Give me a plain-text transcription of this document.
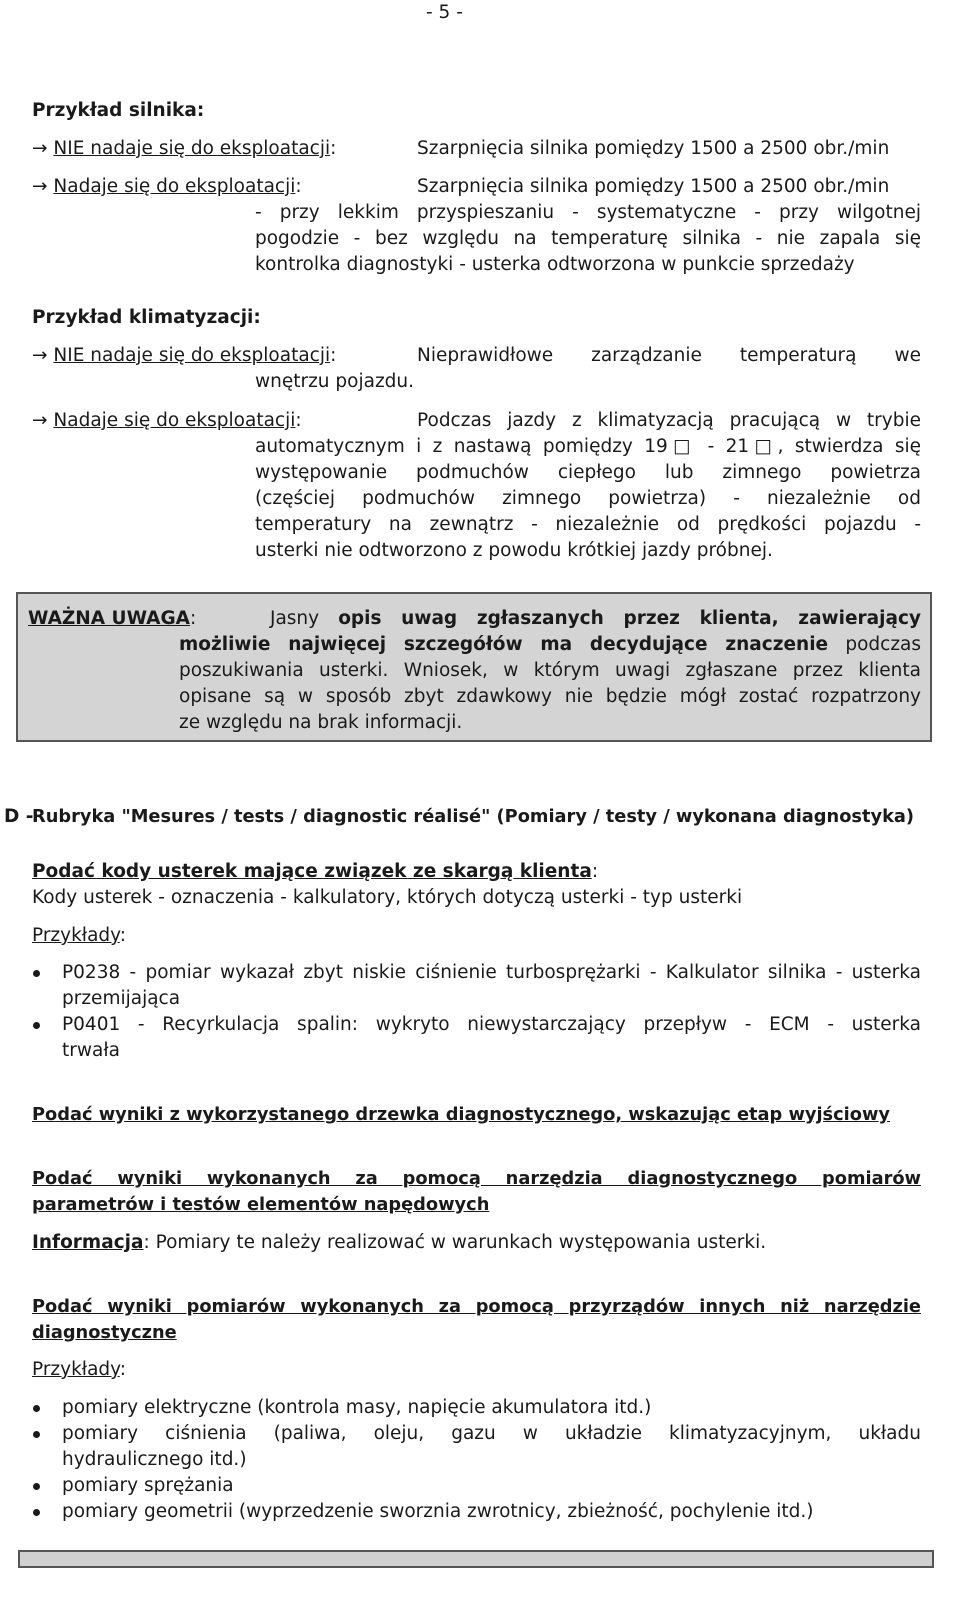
- 5 -
Przykład silnika:
→ NIE nadaje się do eksploatacji:	Szarpnięcia silnika pomiędzy 1500 a 2500 obr./min
→ Nadaje się do eksploatacji:	Szarpnięcia silnika pomiędzy 1500 a 2500 obr./min
- przy lekkim przyspieszaniu - systematyczne - przy wilgotnej
pogodzie - bez względu na temperaturę silnika - nie zapala się
kontrolka diagnostyki - usterka odtworzona w punkcie sprzedaży
Przykład klimatyzacji:
→ NIE nadaje się do eksploatacji:	Nieprawidłowe zarządzanie temperaturą we
wnętrzu pojazdu.
→ Nadaje się do eksploatacji:	Podczas jazdy z klimatyzacją pracującą w trybie
automatycznym i z nastawą pomiędzy 19□ - 21□, stwierdza się
występowanie podmuchów ciepłego lub zimnego powietrza
(częściej podmuchów zimnego powietrza) - niezależnie od
temperatury na zewnątrz - niezależnie od prędkości pojazdu -
usterki nie odtworzono z powodu krótkiej jazdy próbnej.
WAŻNA UWAGA:	Jasny opis uwag zgłaszanych przez klienta, zawierający
możliwie najwięcej szczegółów ma decydujące znaczenie podczas
poszukiwania usterki. Wniosek, w którym uwagi zgłaszane przez klienta
opisane są w sposób zbyt zdawkowy nie będzie mógł zostać rozpatrzony
ze względu na brak informacji.
D -
Rubryka "Mesures / tests / diagnostic réalisé" (Pomiary / testy / wykonana diagnostyka)
Podać kody usterek mające związek ze skargą klienta:
Kody usterek - oznaczenia - kalkulatory, których dotyczą usterki - typ usterki
Przykłady:
P0238 - pomiar wykazał zbyt niskie ciśnienie turbosprężarki - Kalkulator silnika - usterka
przemijająca
P0401 - Recyrkulacja spalin: wykryto niewystarczający przepływ - ECM - usterka
trwała
Podać wyniki z wykorzystanego drzewka diagnostycznego, wskazując etap wyjściowy
Podać wyniki wykonanych za pomocą narzędzia diagnostycznego pomiarów
parametrów i testów elementów napędowych
Informacja: Pomiary te należy realizować w warunkach występowania usterki.
Podać wyniki pomiarów wykonanych za pomocą przyrządów innych niż narzędzie
diagnostyczne
Przykłady:
pomiary elektryczne (kontrola masy, napięcie akumulatora itd.)
pomiary ciśnienia (paliwa, oleju, gazu w układzie klimatyzacyjnym, układu
hydraulicznego itd.)
pomiary sprężania
pomiary geometrii (wyprzedzenie sworznia zwrotnicy, zbieżność, pochylenie itd.)
